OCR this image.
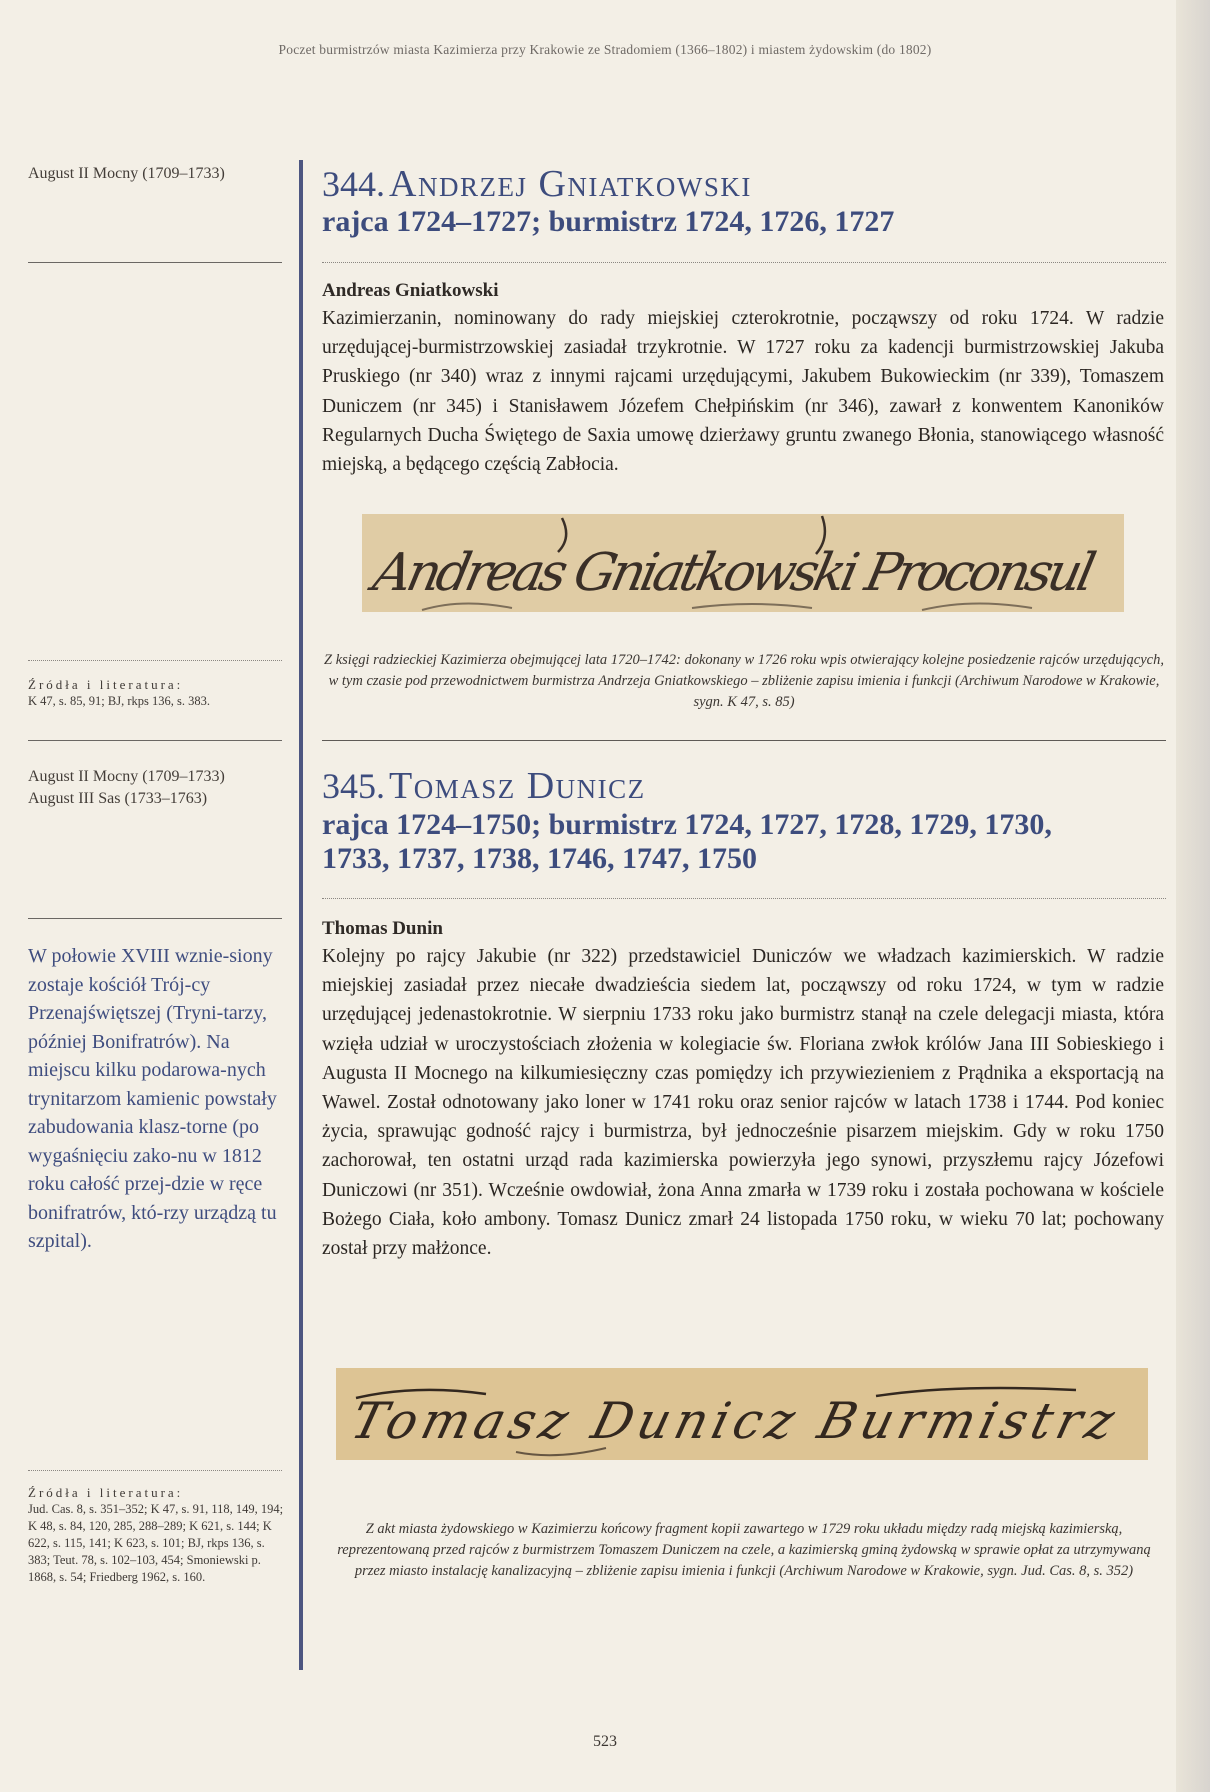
Poczet burmistrzów miasta Kazimierza przy Krakowie ze Stradomiem (1366–1802) i miastem żydowskim (do 1802)
August II Mocny (1709–1733)
Źródła i literatura:
K 47, s. 85, 91; BJ, rkps 136, s. 383.
August II Mocny (1709–1733)
August III Sas (1733–1763)
W połowie XVIII wznie-siony zostaje kościół Trój-cy Przenajświętszej (Tryni-tarzy, później Bonifratrów). Na miejscu kilku podarowa-nych trynitarzom kamienic powstały zabudowania klasz-torne (po wygaśnięciu zako-nu w 1812 roku całość przej-dzie w ręce bonifratrów, któ-rzy urządzą tu szpital).
Źródła i literatura:
Jud. Cas. 8, s. 351–352; K 47, s. 91, 118, 149, 194; K 48, s. 84, 120, 285, 288–289; K 621, s. 144; K 622, s. 115, 141; K 623, s. 101; BJ, rkps 136, s. 383; Teut. 78, s. 102–103, 454; Smoniewski p. 1868, s. 54; Friedberg 1962, s. 160.
344. Andrzej Gniatkowski
rajca 1724–1727; burmistrz 1724, 1726, 1727
Andreas Gniatkowski
Kazimierzanin, nominowany do rady miejskiej czterokrotnie, począwszy od roku 1724. W radzie urzędującej-burmistrzowskiej zasiadał trzykrotnie. W 1727 roku za kadencji burmistrzowskiej Jakuba Pruskiego (nr 340) wraz z innymi rajcami urzędującymi, Jakubem Bukowieckim (nr 339), Tomaszem Duniczem (nr 345) i Stanisławem Józefem Chełpińskim (nr 346), zawarł z konwentem Kanoników Regularnych Ducha Świętego de Saxia umowę dzierżawy gruntu zwanego Błonia, stanowiącego własność miejską, a będącego częścią Zabłocia.
Andreas Gniatkowski Proconsul
Z księgi radzieckiej Kazimierza obejmującej lata 1720–1742: dokonany w 1726 roku wpis otwierający kolejne posiedzenie rajców urzędujących, w tym czasie pod przewodnictwem burmistrza Andrzeja Gniatkowskiego – zbliżenie zapisu imienia i funkcji (Archiwum Narodowe w Krakowie, sygn. K 47, s. 85)
345. Tomasz Dunicz
rajca 1724–1750; burmistrz 1724, 1727, 1728, 1729, 1730,
1733, 1737, 1738, 1746, 1747, 1750
Thomas Dunin
Kolejny po rajcy Jakubie (nr 322) przedstawiciel Duniczów we władzach kazimierskich. W radzie miejskiej zasiadał przez niecałe dwadzieścia siedem lat, począwszy od roku 1724, w tym w radzie urzędującej jedenastokrotnie. W sierpniu 1733 roku jako burmistrz stanął na czele delegacji miasta, która wzięła udział w uroczystościach złożenia w kolegiacie św. Floriana zwłok królów Jana III Sobieskiego i Augusta II Mocnego na kilkumiesięczny czas pomiędzy ich przywiezieniem z Prądnika a eksportacją na Wawel. Został odnotowany jako loner w 1741 roku oraz senior rajców w latach 1738 i 1744. Pod koniec życia, sprawując godność rajcy i burmistrza, był jednocześnie pisarzem miejskim. Gdy w roku 1750 zachorował, ten ostatni urząd rada kazimierska powierzyła jego synowi, przyszłemu rajcy Józefowi Duniczowi (nr 351). Wcześnie owdowiał, żona Anna zmarła w 1739 roku i została pochowana w kościele Bożego Ciała, koło ambony. Tomasz Dunicz zmarł 24 listopada 1750 roku, w wieku 70 lat; pochowany został przy małżonce.
Tomasz Dunicz Burmistrz
Z akt miasta żydowskiego w Kazimierzu końcowy fragment kopii zawartego w 1729 roku układu między radą miejską kazimierską, reprezentowaną przed rajców z burmistrzem Tomaszem Duniczem na czele, a kazimierską gminą żydowską w sprawie opłat za utrzymywaną przez miasto instalację kanalizacyjną – zbliżenie zapisu imienia i funkcji (Archiwum Narodowe w Krakowie, sygn. Jud. Cas. 8, s. 352)
523
